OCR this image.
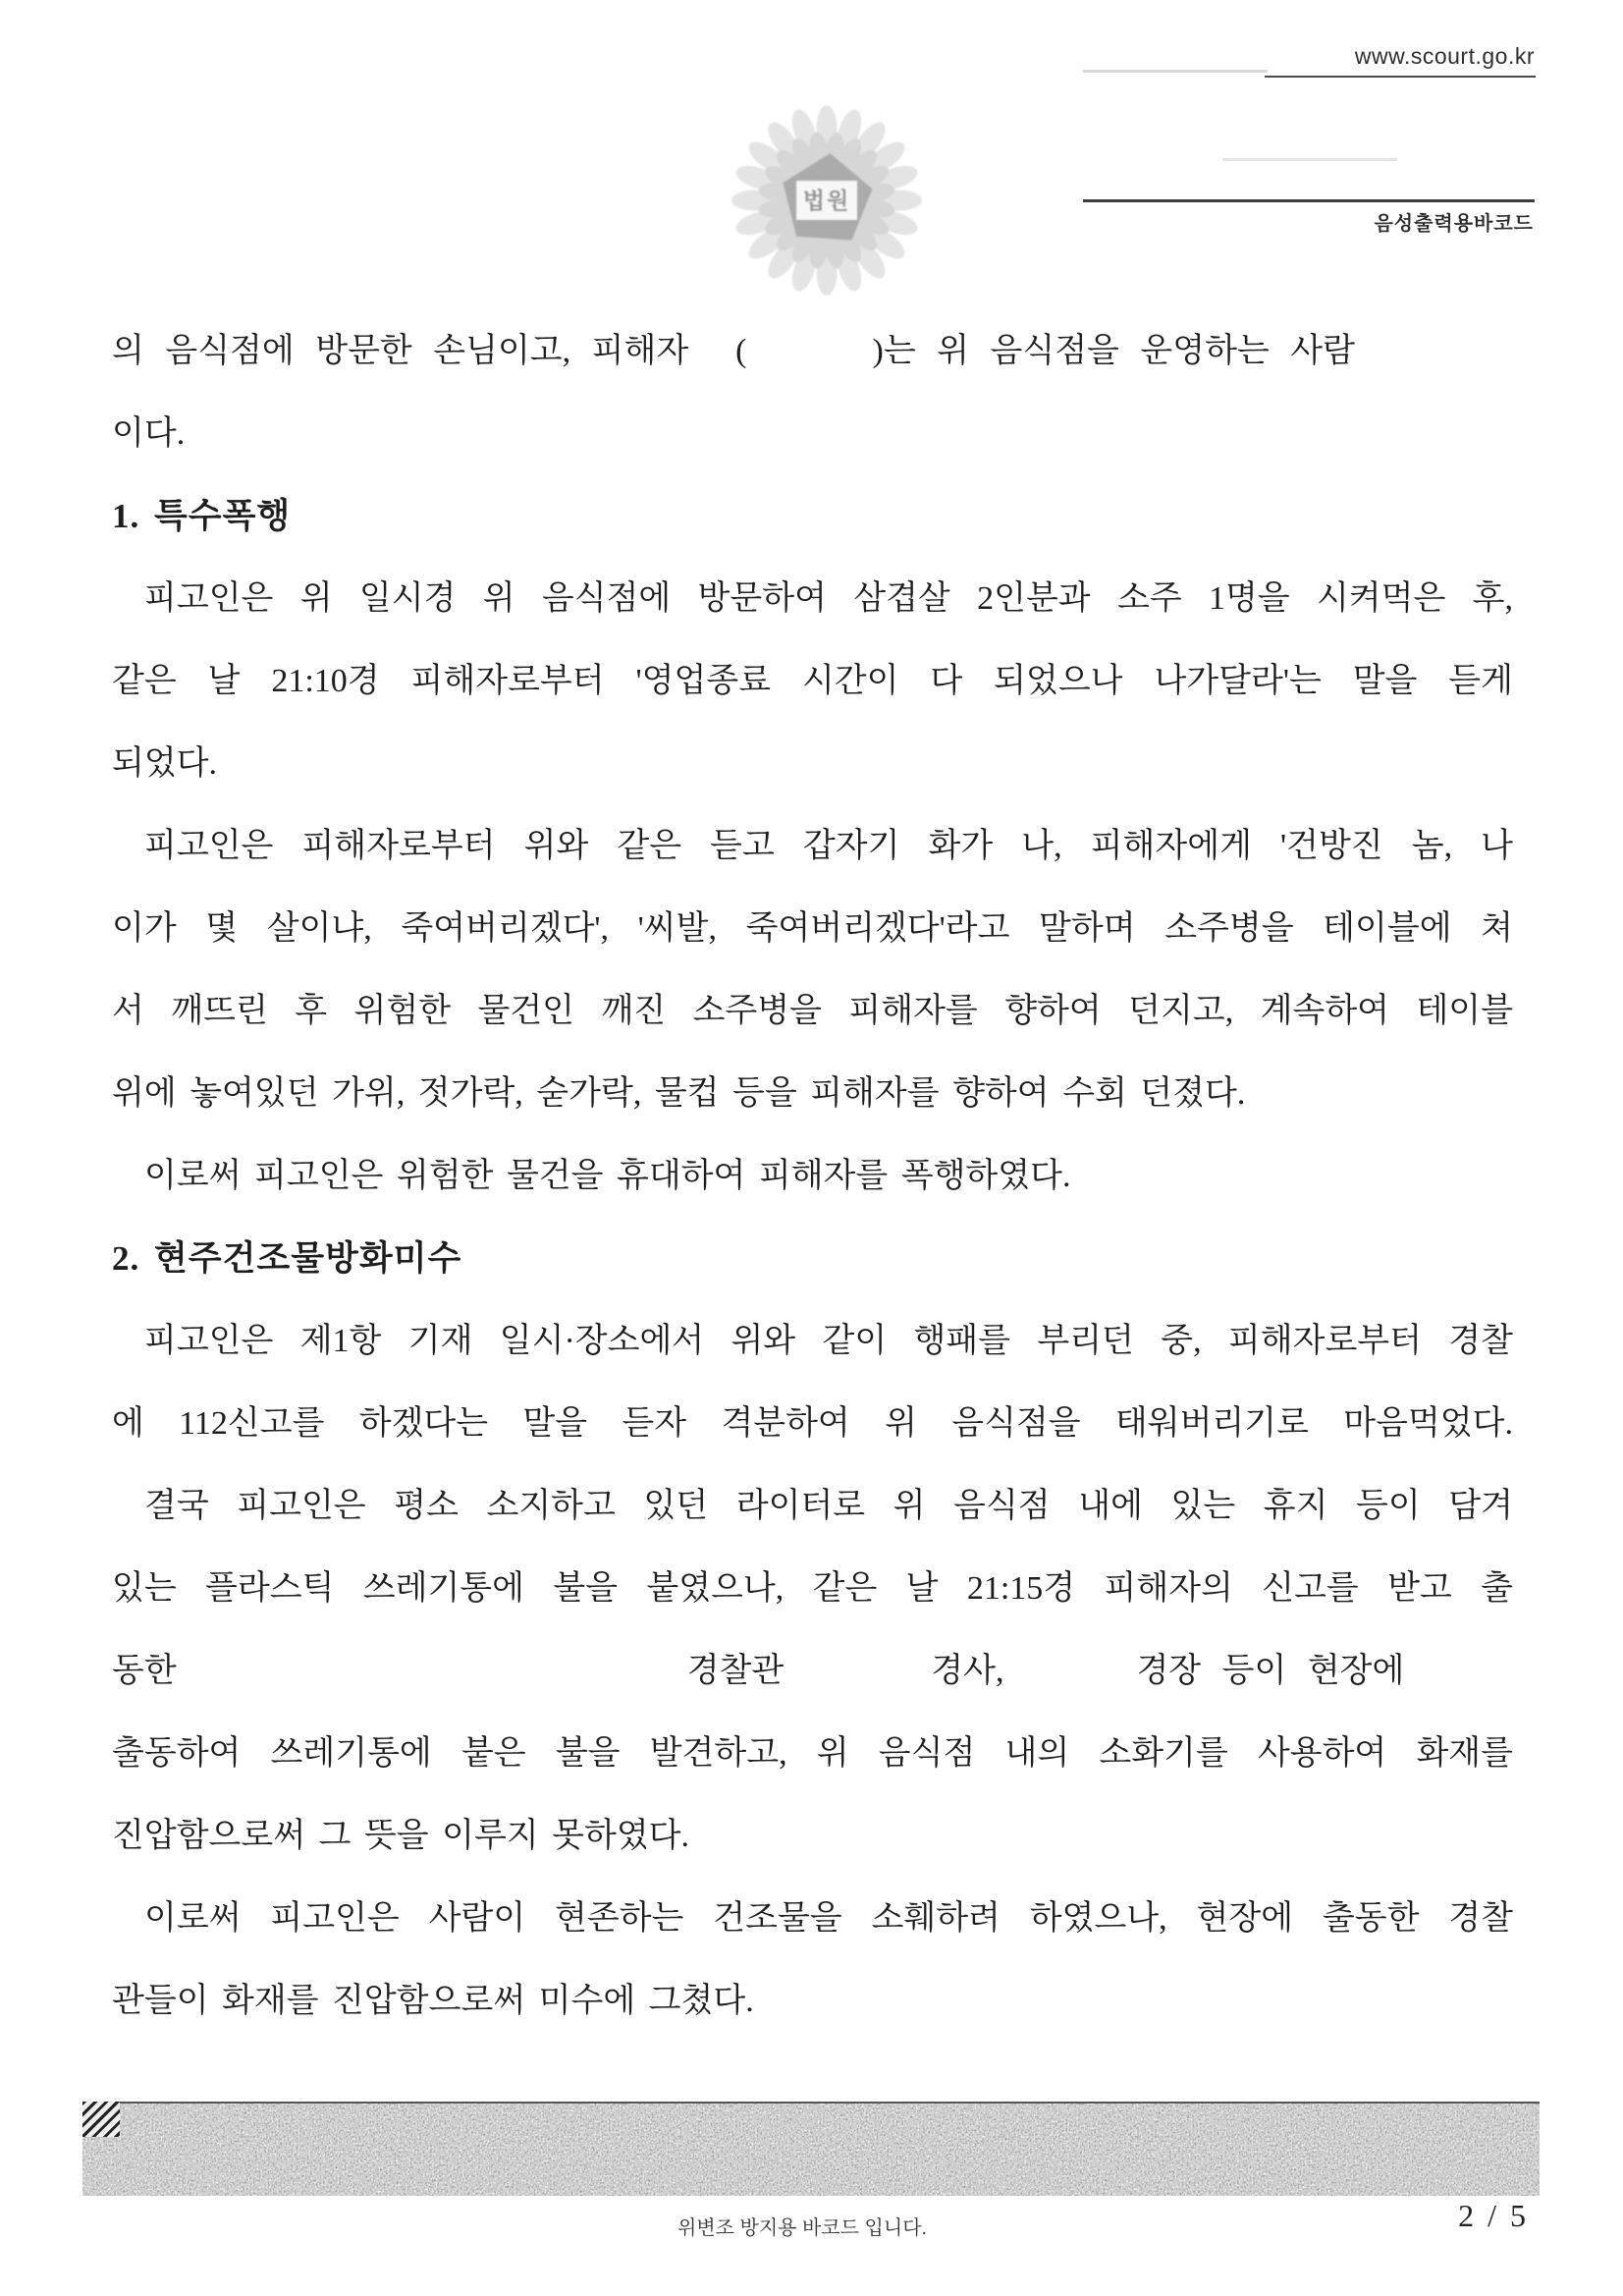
www.scourt.go.kr
음성출력용바코드
법원
의 음식점에 방문한 손님이고, 피해자 (	)는 위 음식점을 운영하는 사람
이다.
1. 특수폭행
피고인은 위 일시경 위 음식점에 방문하여 삼겹살 2인분과 소주 1명을 시켜먹은 후,
같은 날 21:10경 피해자로부터 '영업종료 시간이 다 되었으나 나가달라'는 말을 듣게
되었다.
피고인은 피해자로부터 위와 같은 듣고 갑자기 화가 나, 피해자에게 '건방진 놈, 나
이가 몇 살이냐, 죽여버리겠다', '씨발, 죽여버리겠다'라고 말하며 소주병을 테이블에 쳐
서 깨뜨린 후 위험한 물건인 깨진 소주병을 피해자를 향하여 던지고, 계속하여 테이블
위에 놓여있던 가위, 젓가락, 숟가락, 물컵 등을 피해자를 향하여 수회 던졌다.
이로써 피고인은 위험한 물건을 휴대하여 피해자를 폭행하였다.
2. 현주건조물방화미수
피고인은 제1항 기재 일시·장소에서 위와 같이 행패를 부리던 중, 피해자로부터 경찰
에 112신고를 하겠다는 말을 듣자 격분하여 위 음식점을 태워버리기로 마음먹었다.
결국 피고인은 평소 소지하고 있던 라이터로 위 음식점 내에 있는 휴지 등이 담겨
있는 플라스틱 쓰레기통에 불을 붙였으나, 같은 날 21:15경 피해자의 신고를 받고 출
동한	경찰관	경사,	경장 등이 현장에
출동하여 쓰레기통에 붙은 불을 발견하고, 위 음식점 내의 소화기를 사용하여 화재를
진압함으로써 그 뜻을 이루지 못하였다.
이로써 피고인은 사람이 현존하는 건조물을 소훼하려 하였으나, 현장에 출동한 경찰
관들이 화재를 진압함으로써 미수에 그쳤다.
위변조 방지용 바코드 입니다.	2 / 5
